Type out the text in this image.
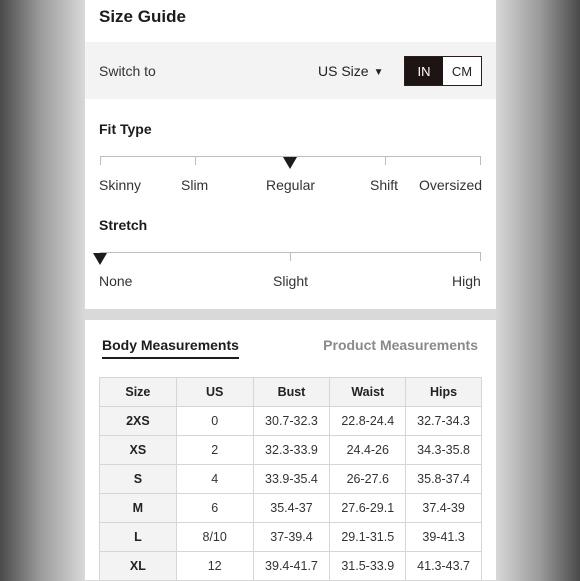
Size Guide
Switch to	US Size ▼	IN	CM
Fit Type
Skinny	Slim	Regular	Shift Oversized
Stretch
None	Slight	High
Body Measurements	Product Measurements
Size	US	Bust	Waist	Hips
2XS	0	30.7-32.3	22.8-24.4	32.7-34.3
XS	2	32.3-33.9	24.4-26	34.3-35.8
S	4	33.9-35.4	26-27.6	35.8-37.4
M	6	35.4-37	27.6-29.1	37.4-39
L	8/10	37-39.4	29.1-31.5	39-41.3
XL	12	39.4-41.7	31.5-33.9	41.3-43.7
